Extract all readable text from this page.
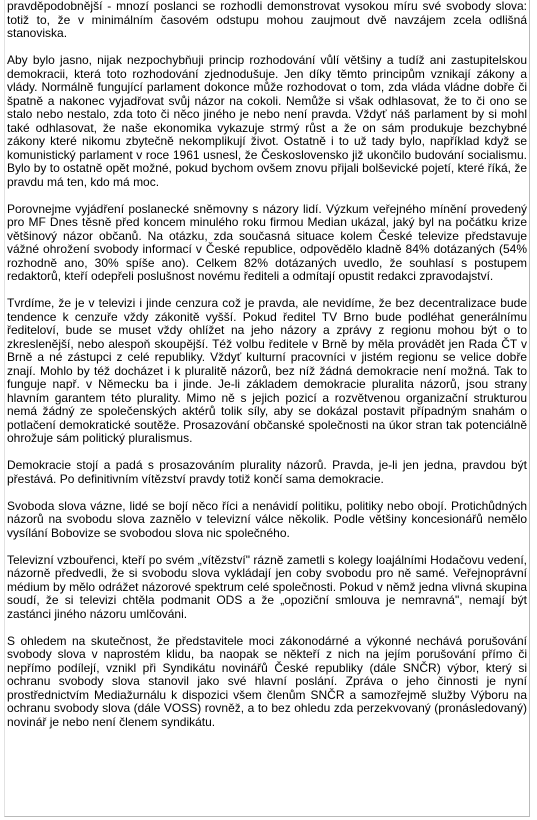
pravděpodobnější - mnozí poslanci se rozhodli demonstrovat vysokou míru své svobody slova: totiž to, že v minimálním časovém odstupu mohou zaujmout dvě navzájem zcela odlišná stanoviska.

Aby bylo jasno, nijak nezpochybňuji princip rozhodování vůlí většiny a tudíž ani zastupitelskou demokracii, která toto rozhodování zjednodušuje. Jen díky těmto principům vznikají zákony a vlády. Normálně fungující parlament dokonce může rozhodovat o tom, zda vláda vládne dobře či špatně a nakonec vyjadřovat svůj názor na cokoli. Nemůže si však odhlasovat, že to či ono se stalo nebo nestalo, zda toto či něco jiného je nebo není pravda. Vždyť náš parlament by si mohl také odhlasovat, že naše ekonomika vykazuje strmý růst a že on sám produkuje bezchybné zákony které nikomu zbytečně nekomplikují život. Ostatně i to už tady bylo, například když se komunistický parlament v roce 1961 usnesl, že Československo již ukončilo budování socialismu. Bylo by to ostatně opět možné, pokud bychom ovšem znovu přijali bolševické pojetí, které říká, že pravdu má ten, kdo má moc.

Porovnejme vyjádření poslanecké sněmovny s názory lidí. Výzkum veřejného mínění provedený pro MF Dnes těsně před koncem minulého roku firmou Median ukázal, jaký byl na počátku krize většinový názor občanů. Na otázku, zda současná situace kolem České televize představuje vážné ohrožení svobody informací v České republice, odpovědělo kladně 84% dotázaných (54% rozhodně ano, 30% spíše ano). Celkem 82% dotázaných uvedlo, že souhlasí s postupem redaktorů, kteří odepřeli poslušnost novému řediteli a odmítají opustit redakci zpravodajství.

Tvrdíme, že je v televizi i jinde cenzura což je pravda, ale nevidíme, že bez decentralizace bude tendence k cenzuře vždy zákonitě vyšší. Pokud ředitel TV Brno bude podléhat generálnímu řediteloví, bude se muset vždy ohlížet na jeho názory a zprávy z regionu mohou být o to zkreslenější, nebo alespoň skoupější. Též volbu ředitele v Brně by měla provádět jen Rada ČT v Brně a né zástupci z celé republiky. Vždyť kulturní pracovníci v jistém regionu se velice dobře znají. Mohlo by též docházet i k pluralitě názorů, bez níž žádná demokracie není možná. Tak to funguje např. v Německu ba i jinde. Je-li základem demokracie pluralita názorů, jsou strany hlavním garantem této plurality. Mimo ně s jejich pozicí a rozvětvenou organizační strukturou nemá žádný ze společenských aktérů tolik síly, aby se dokázal postavit případným snahám o potlačení demokratické soutěže. Prosazování občanské společnosti na úkor stran tak potenciálně ohrožuje sám politický pluralismus.

Demokracie stojí a padá s prosazováním plurality názorů. Pravda, je-li jen jedna, pravdou být přestává. Po definitivním vítězství pravdy totiž končí sama demokracie.

Svoboda slova vázne, lidé se bojí něco říci a nenávidí politiku, politiky nebo obojí. Protichůdných názorů na svobodu slova zaznělo v televizní válce několik. Podle většiny koncesionářů nemělo vysílání Bobovize se svobodou slova nic společného.

Televizní vzbouřenci, kteří po svém „vítězství" rázně zametli s kolegy loajálními Hodačovu vedení, názorně předvedli, že si svobodu slova vykládají jen coby svobodu pro ně samé. Veřejnoprávní médium by mělo odrážet názorové spektrum celé společnosti. Pokud v němž jedna vlivná skupina soudí, že si televizi chtěla podmanit ODS a že „opoziční smlouva je nemravná", nemají být zastánci jiného názoru umlčováni.

S ohledem na skutečnost, že představitele moci zákonodárné a výkonné nechává porušování svobody slova v naprostém klidu, ba naopak se někteří z nich na jejím porušování přímo či nepřímo podílejí, vznikl při Syndikátu novinářů České republiky (dále SNČR) výbor, který si ochranu svobody slova stanovil jako své hlavní poslání. Zpráva o jeho činnosti je nyní prostřednictvím Mediažurnálu k dispozici všem členům SNČR a samozřejmě služby Výboru na ochranu svobody slova (dále VOSS) rovněž, a to bez ohledu zda perzekvovaný (pronásledovaný) novinář je nebo není členem syndikátu.
